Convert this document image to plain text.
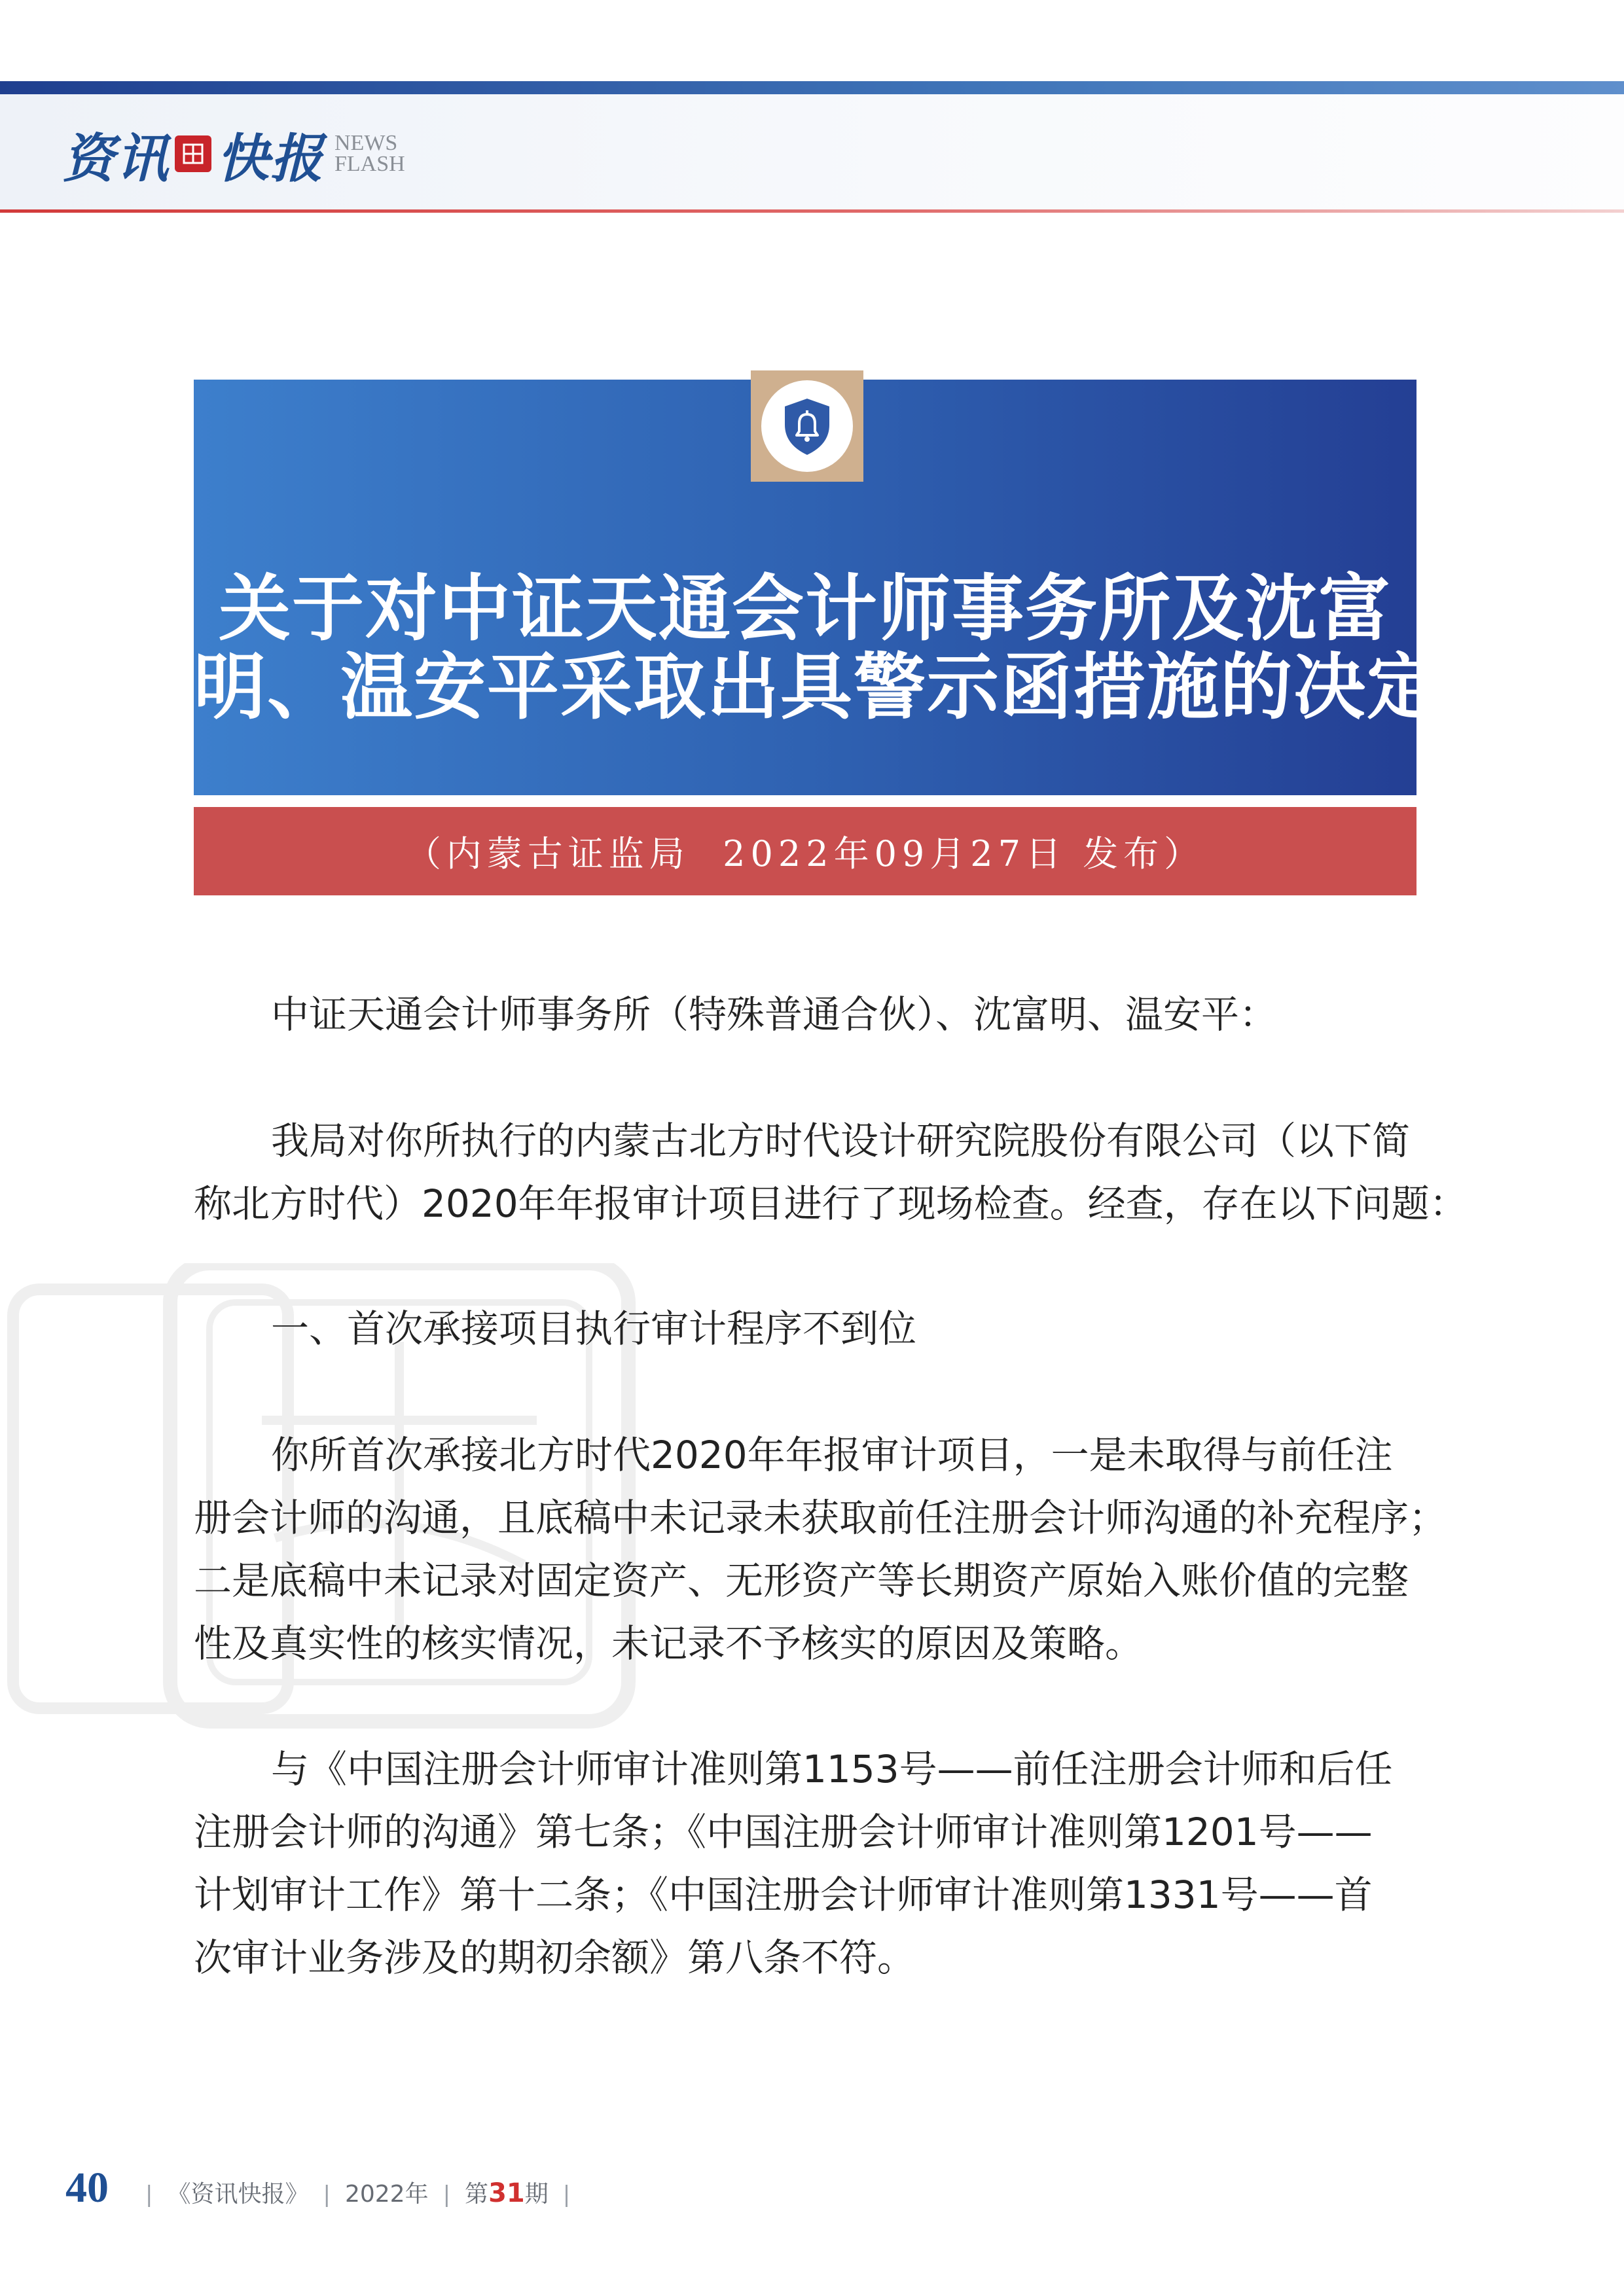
资讯 快报 NEWS
FLASH
关于对中证天通会计师事务所及沈富
明、温安平采取出具警示函措施的决定
（内蒙古证监局  2022年09月27日 发布）
中证天通会计师事务所（特殊普通合伙）、沈富明、温安平：
我局对你所执行的内蒙古北方时代设计研究院股份有限公司（以下简
称北方时代）2020年年报审计项目进行了现场检查。经查，存在以下问题：
一、首次承接项目执行审计程序不到位
你所首次承接北方时代2020年年报审计项目，一是未取得与前任注
册会计师的沟通，且底稿中未记录未获取前任注册会计师沟通的补充程序；
二是底稿中未记录对固定资产、无形资产等长期资产原始入账价值的完整
性及真实性的核实情况，未记录不予核实的原因及策略。
与《中国注册会计师审计准则第1153号——前任注册会计师和后任
注册会计师的沟通》第七条；《中国注册会计师审计准则第1201号——
计划审计工作》第十二条；《中国注册会计师审计准则第1331号——首
次审计业务涉及的期初余额》第八条不符。
40 | 《资讯快报》 | 2022年 | 第 31 期 |
